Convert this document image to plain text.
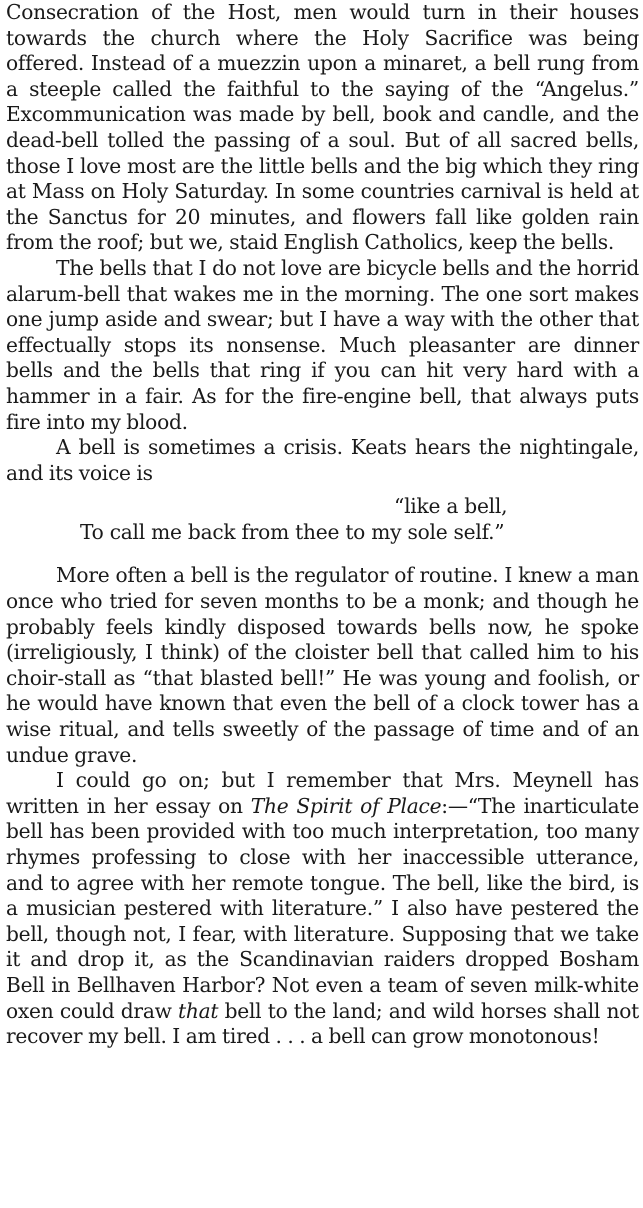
Consecration of the Host, men would turn in their houses towards the church where the Holy Sacrifice was being offered. Instead of a muezzin upon a minaret, a bell rung from a steeple called the faithful to the saying of the “Angelus.” Excommunication was made by bell, book and candle, and the dead-bell tolled the passing of a soul. But of all sacred bells, those I love most are the little bells and the big which they ring at Mass on Holy Saturday. In some countries carnival is held at the Sanctus for 20 minutes, and flowers fall like golden rain from the roof; but we, staid English Catholics, keep the bells.

The bells that I do not love are bicycle bells and the horrid alarum-bell that wakes me in the morning. The one sort makes one jump aside and swear; but I have a way with the other that effectually stops its nonsense. Much pleasanter are dinner bells and the bells that ring if you can hit very hard with a hammer in a fair. As for the fire-engine bell, that always puts fire into my blood.

A bell is sometimes a crisis. Keats hears the nightingale, and its voice is

“like a bell,
To call me back from thee to my sole self.”

More often a bell is the regulator of routine. I knew a man once who tried for seven months to be a monk; and though he probably feels kindly disposed towards bells now, he spoke (irreligiously, I think) of the cloister bell that called him to his choir-stall as “that blasted bell!” He was young and foolish, or he would have known that even the bell of a clock tower has a wise ritual, and tells sweetly of the passage of time and of an undue grave.

I could go on; but I remember that Mrs. Meynell has written in her essay on The Spirit of Place:—“The inarticulate bell has been provided with too much interpretation, too many rhymes professing to close with her inaccessible utterance, and to agree with her remote tongue. The bell, like the bird, is a musician pestered with literature.” I also have pestered the bell, though not, I fear, with literature. Supposing that we take it and drop it, as the Scandinavian raiders dropped Bosham Bell in Bellhaven Harbor? Not even a team of seven milk-white oxen could draw that bell to the land; and wild horses shall not recover my bell. I am tired . . . a bell can grow monotonous!
